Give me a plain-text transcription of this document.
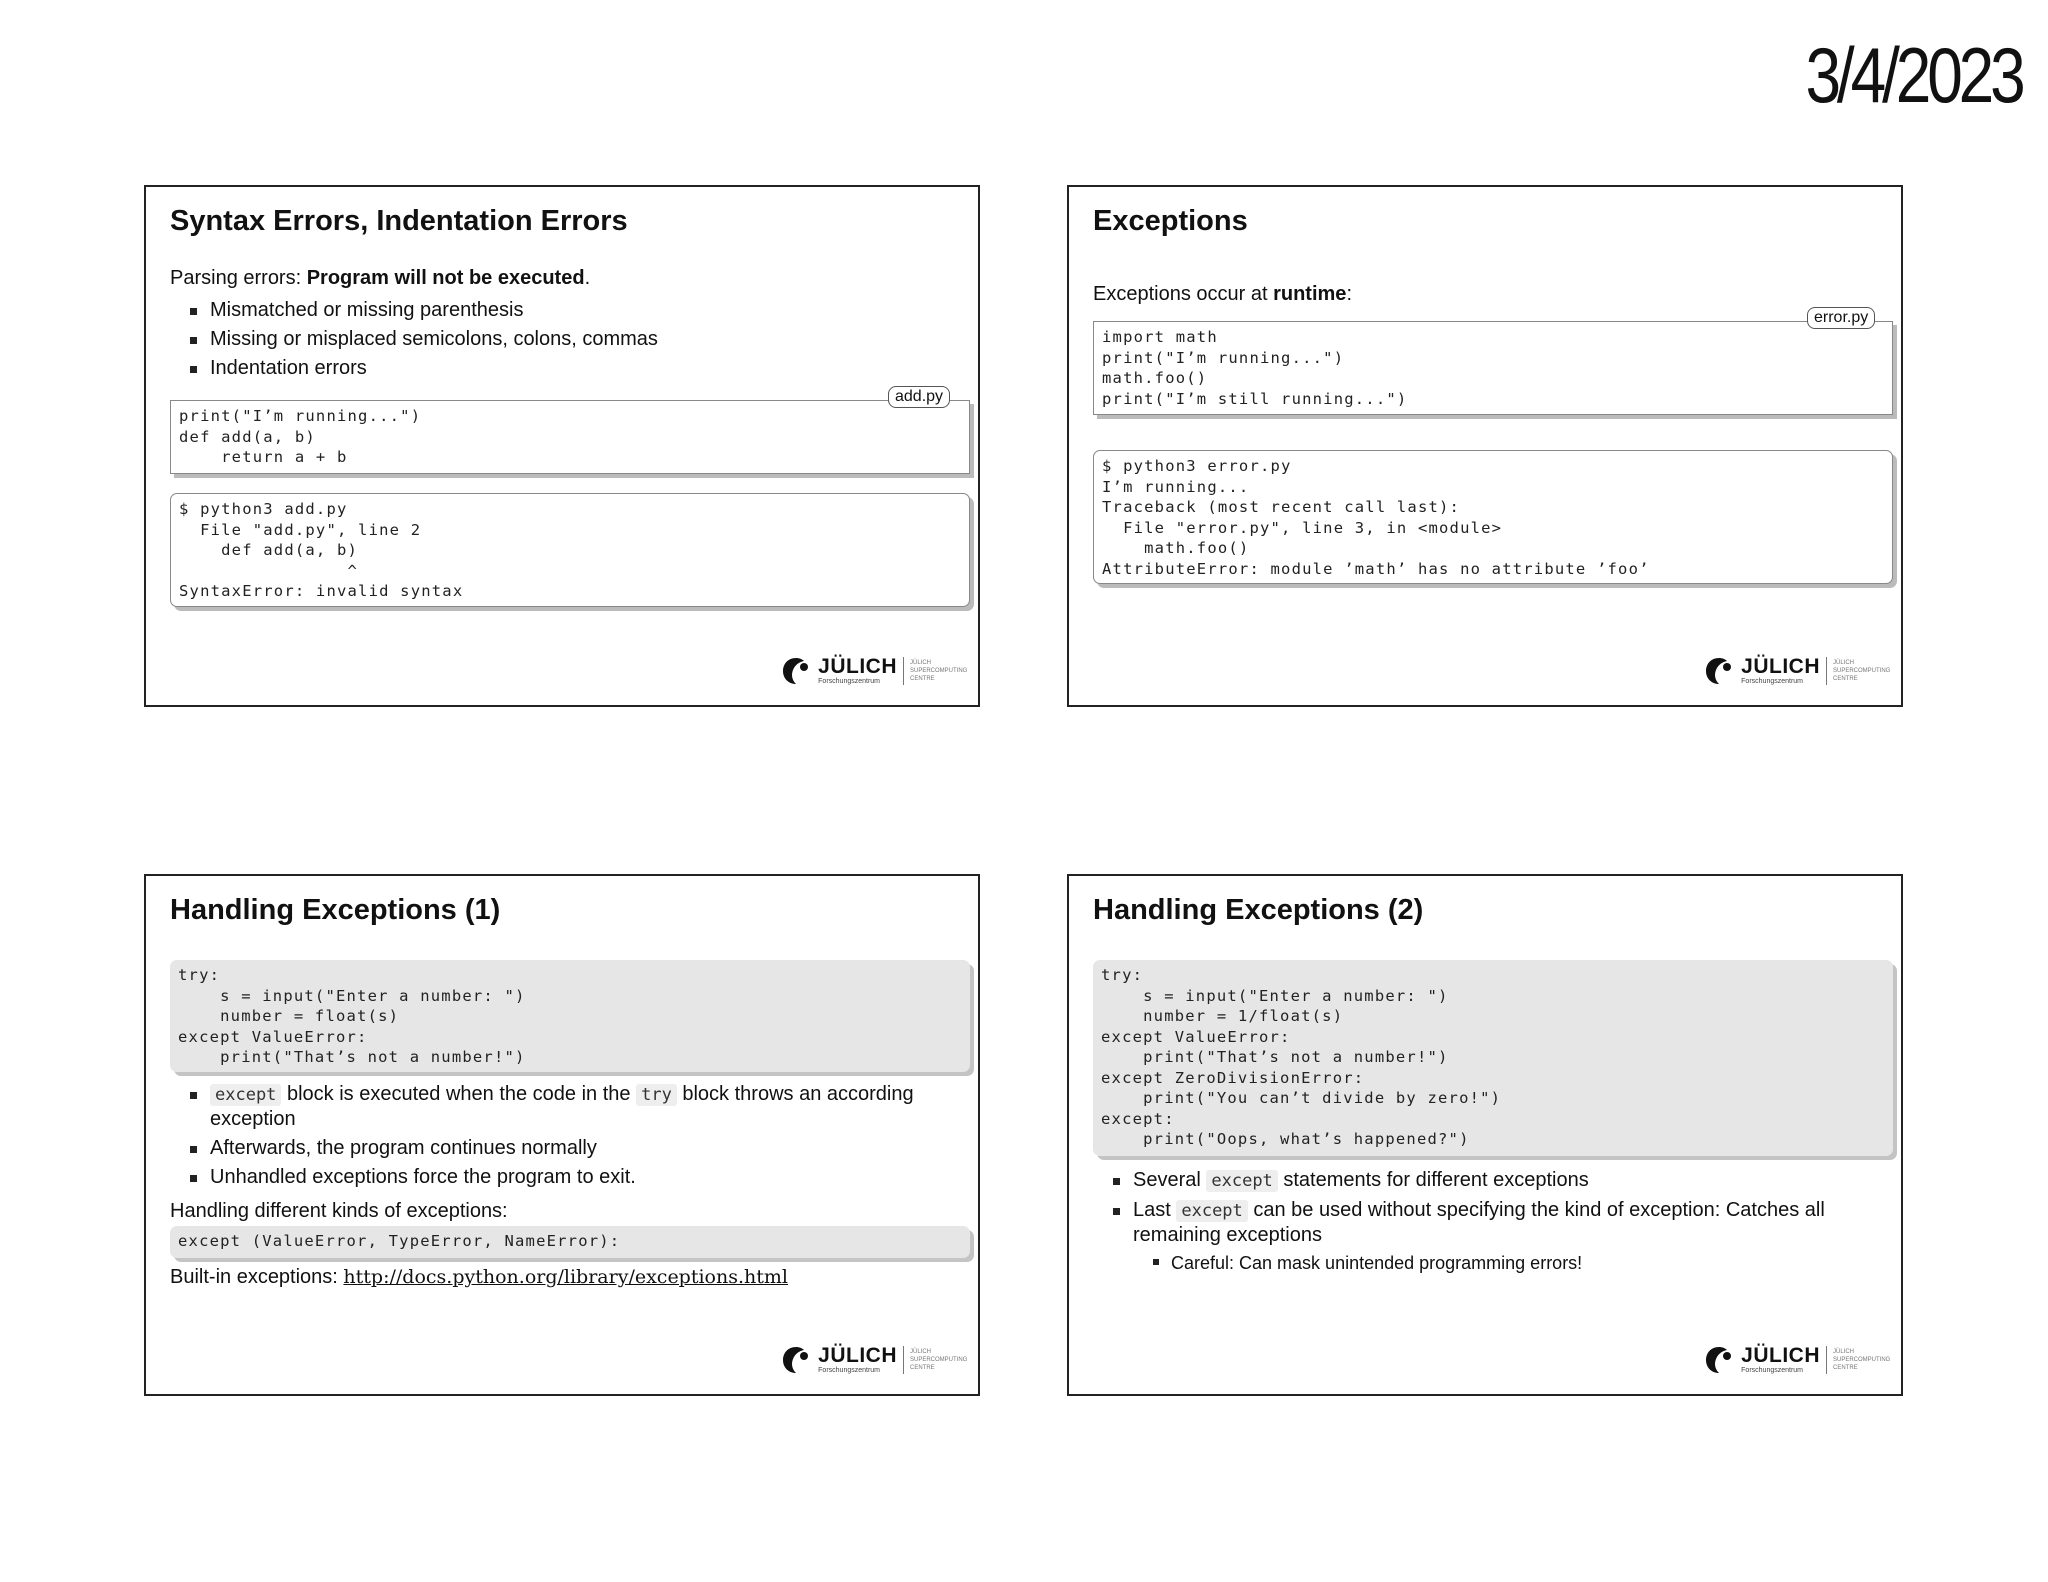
3/4/2023
Syntax Errors, Indentation Errors
Parsing errors: Program will not be executed.
Mismatched or missing parenthesis
Missing or misplaced semicolons, colons, commas
Indentation errors
print("I’m running...")
def add(a, b)
return a + b
add.py
$ python3 add.py
File "add.py", line 2
def add(a, b)
^
SyntaxError: invalid syntax
JÜLICH
Forschungszentrum
JÜLICH SUPERCOMPUTING CENTRE
Exceptions
Exceptions occur at runtime:
import math
print("I’m running...")
math.foo()
print("I’m still running...")
error.py
$ python3 error.py
I’m running...
Traceback (most recent call last):
File "error.py", line 3, in <module>
math.foo()
AttributeError: module ’math’ has no attribute ’foo’
JÜLICH
Forschungszentrum
JÜLICH SUPERCOMPUTING CENTRE
Handling Exceptions (1)
try:
s = input("Enter a number: ")
number = float(s)
except ValueError:
print("That’s not a number!")
except block is executed when the code in the try block throws an according exception
Afterwards, the program continues normally
Unhandled exceptions force the program to exit.
Handling different kinds of exceptions:
except (ValueError, TypeError, NameError):
Built-in exceptions: http://docs.python.org/library/exceptions.html
JÜLICH
Forschungszentrum
JÜLICH SUPERCOMPUTING CENTRE
Handling Exceptions (2)
try:
s = input("Enter a number: ")
number = 1/float(s)
except ValueError:
print("That’s not a number!")
except ZeroDivisionError:
print("You can’t divide by zero!")
except:
print("Oops, what’s happened?")
Several except statements for different exceptions
Last except can be used without specifying the kind of exception: Catches all remaining exceptions
Careful: Can mask unintended programming errors!
JÜLICH
Forschungszentrum
JÜLICH SUPERCOMPUTING CENTRE
